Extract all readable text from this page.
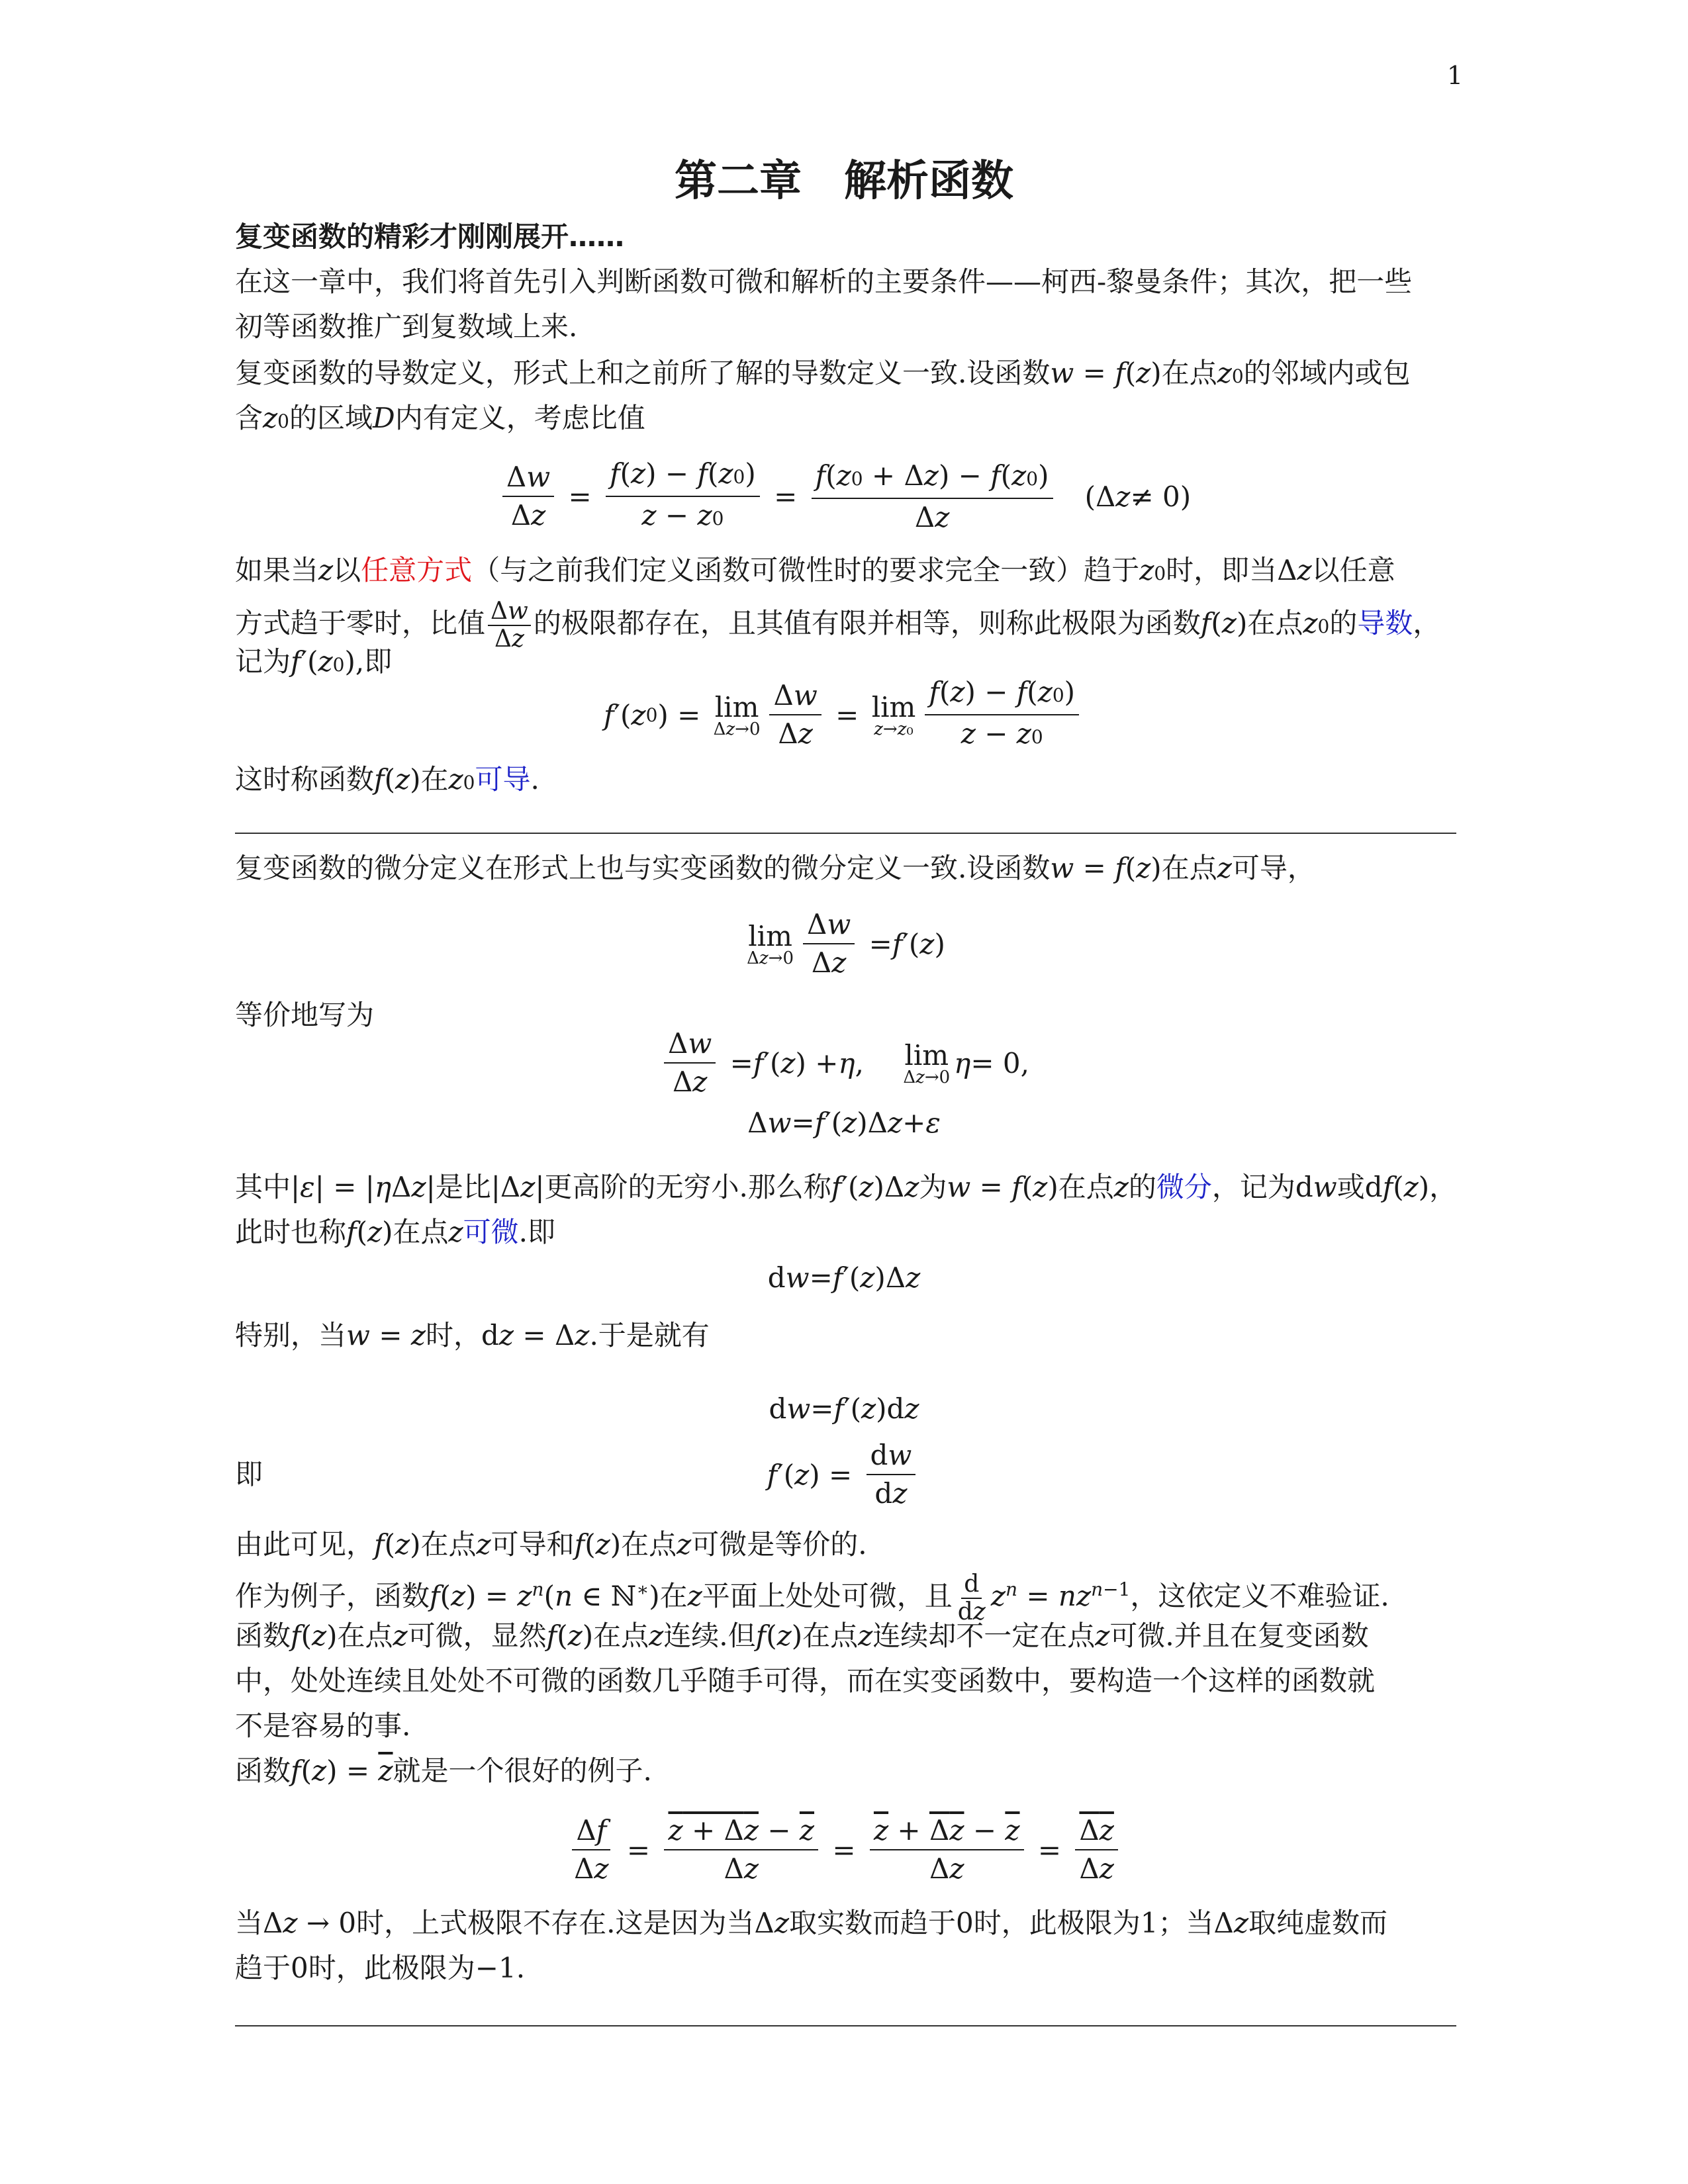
1
第二章　解析函数
复变函数的精彩才刚刚展开……
在这一章中，我们将首先引入判断函数可微和解析的主要条件——柯西-黎曼条件；其次，把一些
初等函数推广到复数域上来.
复变函数的导数定义，形式上和之前所了解的导数定义一致.设函数w = f(z)在点z0的邻域内或包
含z0的区域D内有定义，考虑比值
$\frac{\Delta w}{\Delta z} = \frac{f(z) - f(z0)}{z - z0} = \frac{f(z0 + \Delta z) - f(z0)}{\Delta z} (\Delta$ z ≠ 0)
如果当z以任意方式（与之前我们定义函数可微性时的要求完全一致）趋于z0时，即当Δz以任意
方式趋于零时，比值 $\frac{\Delta w}{\Delta z}$ 的极限都存在，且其值有限并相等，则称此极限为函数f(z)在点z0的导数，
记为f′(z0),即
f ′( z 0 ) = lim
$\Delta z\to 0 \frac{\Delta w}{\Delta z} = \lim$
$z\to z_0 \frac{f(z) - f(z0)}{z - z0}$
这时称函数f(z)在z0可导.
复变函数的微分定义在形式上也与实变函数的微分定义一致.设函数w = f(z)在点z可导，
lim
$\Delta z\to 0 \frac{\Delta w}{\Delta z} = f$ ′( z )
等价地写为
$\frac{\Delta w}{\Delta z} = f$ ′( z ) + η , lim
Δz→0 η = 0,
Δ w = f ′( z )Δ z + ε
其中|ε| = |ηΔz|是比|Δz|更高阶的无穷小.那么称f′(z)Δz为w = f(z)在点z的微分，记为dw或df(z)，
此时也称f(z)在点z可微.即
d w = f ′( z )Δ z
特别，当w = z时，dz = Δz.于是就有
d w = f ′( z )d z
即	f ′( z ) = $\frac{dw}{dz}$
由此可见，f(z)在点z可导和f(z)在点z可微是等价的.
作为例子，函数$f(z) = z^n(n$ ∈ ℕ∗)在z平面上处处可微，且 $\frac{d}{dz} z^n = nz^{n-1}$，这依定义不难验证.
函数f(z)在点z可微，显然f(z)在点z连续.但f(z)在点z连续却不一定在点z可微.并且在复变函数
中，处处连续且处处不可微的函数几乎随手可得，而在实变函数中，要构造一个这样的函数就
不是容易的事.
函数$f(z) = \overline{z}$就是一个很好的例子.
$\frac{\Delta f}{\Delta z} = \frac{z + \Delta z - \overline{z}}{\Delta z} = \frac{\overline{z} + \Delta z - \overline{z}}{\Delta z} = \frac{\Delta z}{\Delta z}$
当Δz → 0时，上式极限不存在.这是因为当Δz取实数而趋于0时，此极限为1；当Δz取纯虚数而
趋于0时，此极限为−1.
